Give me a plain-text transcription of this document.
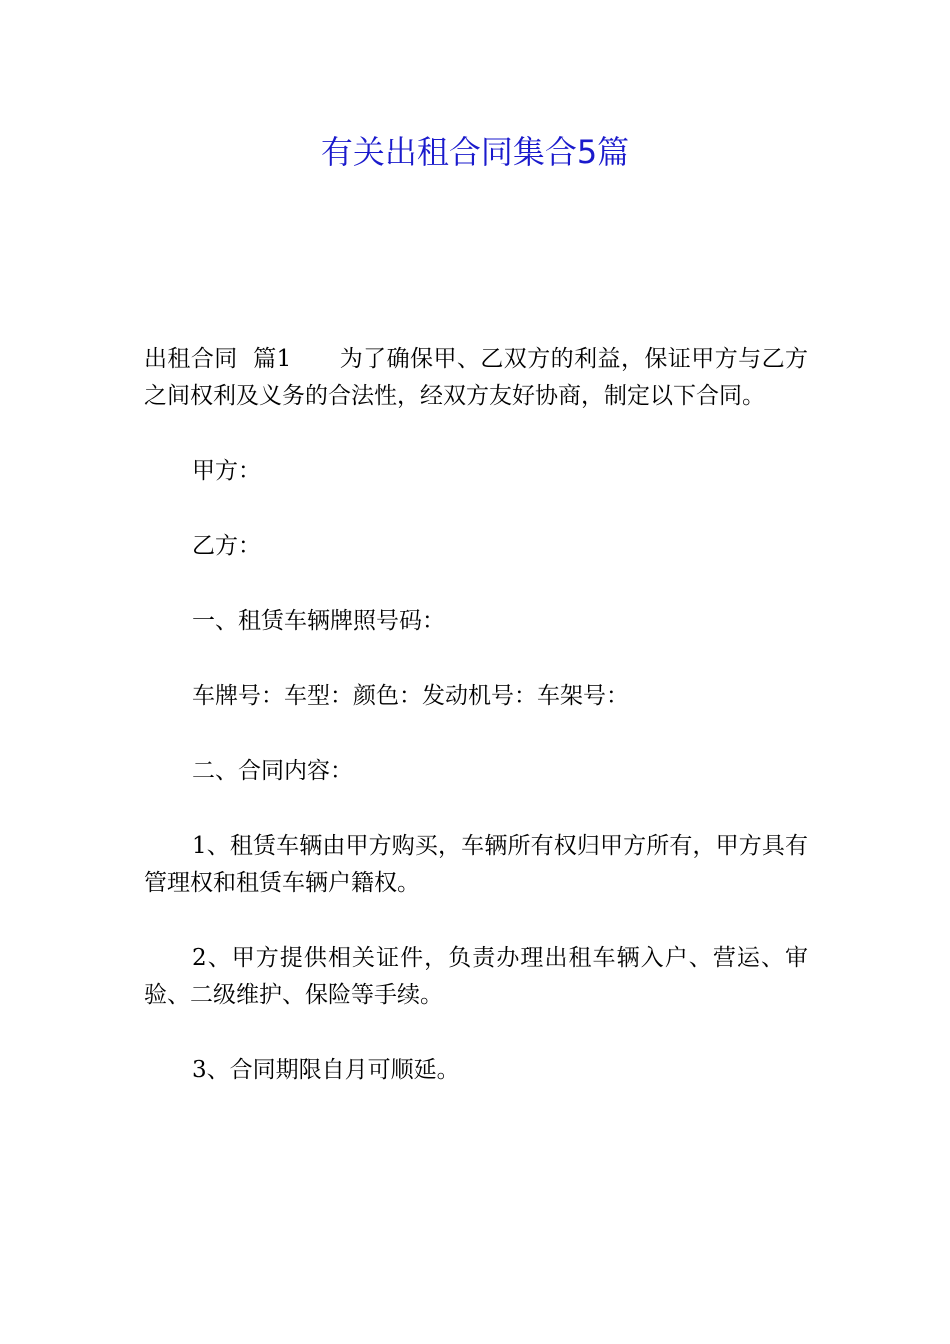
有关出租合同集合5篇

出租合同  篇1 为了确保甲、乙双方的利益，保证甲方与乙方之间权利及义务的合法性，经双方友好协商，制定以下合同。

甲方：

乙方：

一、租赁车辆牌照号码：

车牌号：车型：颜色：发动机号：车架号：

二、合同内容：

1、租赁车辆由甲方购买，车辆所有权归甲方所有，甲方具有管理权和租赁车辆户籍权。

2、甲方提供相关证件，负责办理出租车辆入户、营运、审验、二级维护、保险等手续。

3、合同期限自月可顺延。
